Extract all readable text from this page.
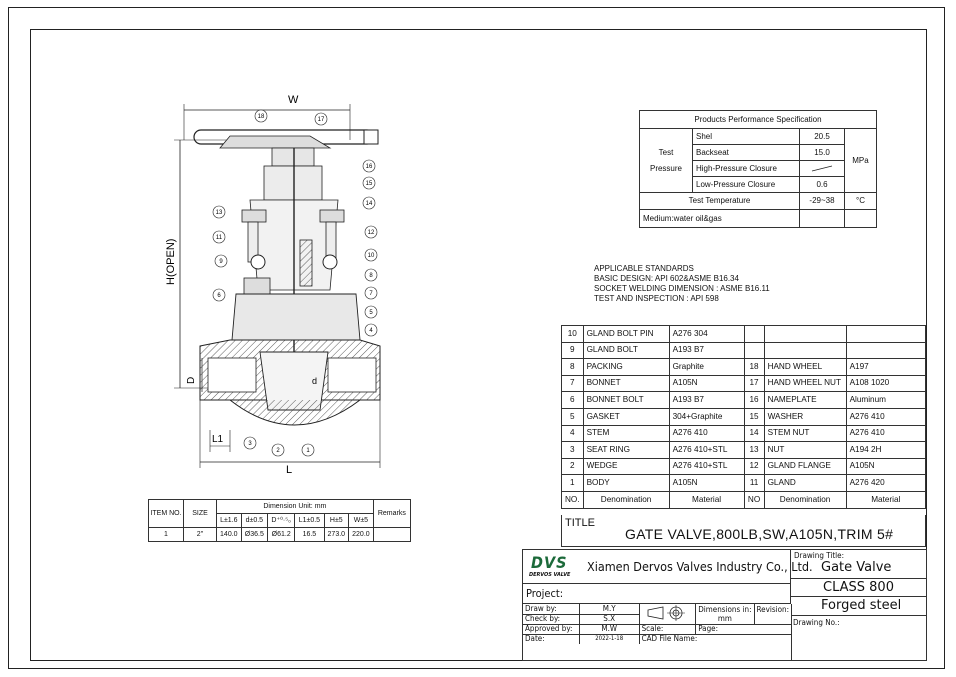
W
H(OPEN)
D	d
L
L1
18	17
16
15
14
13
12
11
10
9
8
7
6
5
4
3
2	1
Products Performance Specification			
Test
Pressure	Shel	20.5	MPa
	Backseat	15.0	
	High-Pressure Closure	
	Low-Pressure Closure	0.6	
Test Temperature		-29~38	°C
Medium:water oil&gas			
APPLICABLE STANDARDS
BASIC DESIGN: API 602&ASME B16.34
SOCKET WELDING DIMENSION : ASME B16.11
TEST AND INSPECTION : API 598
10	GLAND BOLT PIN	A276 304			
9	GLAND BOLT	A193 B7			
8	PACKING	Graphite	18	HAND WHEEL	A197
7	BONNET	A105N	17	HAND WHEEL NUT	A108 1020
6	BONNET BOLT	A193 B7	16	NAMEPLATE	Aluminum
5	GASKET	304+Graphite	15	WASHER	A276 410
4	STEM	A276 410	14	STEM NUT	A276 410
3	SEAT RING	A276 410+STL	13	NUT	A194 2H
2	WEDGE	A276 410+STL	12	GLAND FLANGE	A105N
1	BODY	A105N	11	GLAND	A276 420
NO.	Denomination	Material	NO	Denomination	Material
TITLE
GATE VALVE,800LB,SW,A105N,TRIM 5#
ITEM NO.	SIZE	Dimension Unit: mm						Remarks
		L±1.6	d±0.5	D⁺⁰·⁵₀	L1±0.5	H±5	W±5	
1	2"	140.0	Ø36.5	Ø61.2	16.5	273.0	220.0	
DVS
DERVOS VALVE
Xiamen Dervos Valves Industry Co., Ltd.
Project:
Drawing Title:
Gate Valve
CLASS 800
Forged steel
Drawing No.:
Draw by:	M.Y		Dimensions in:
mm	Revision:
Check by:	S.X			
Approved by:	M.W	Scale:	Page:	
Date:	2022-1-18	CAD File Name:		
